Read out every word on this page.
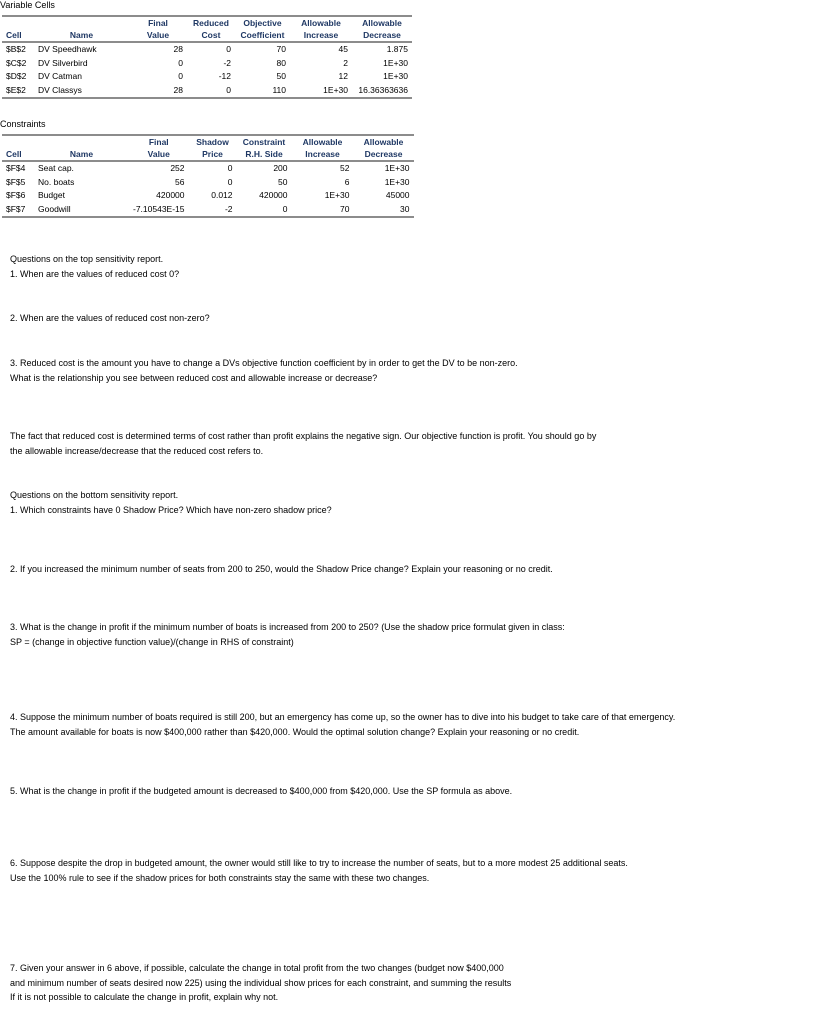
Variable Cells
		Final	Reduced	Objective	Allowable	Allowable
Cell	Name	Value	Cost	Coefficient	Increase	Decrease
$B$2	DV Speedhawk	28	0	70	45	1.875
$C$2	DV Silverbird	0	-2	80	2	1E+30
$D$2	DV Catman	0	-12	50	12	1E+30
$E$2	DV Classys	28	0	110	1E+30	16.36363636
Constraints
		Final	Shadow	Constraint	Allowable	Allowable
Cell	Name	Value	Price	R.H. Side	Increase	Decrease
$F$4	Seat cap.	252	0	200	52	1E+30
$F$5	No. boats	56	0	50	6	1E+30
$F$6	Budget	420000	0.012	420000	1E+30	45000
$F$7	Goodwill	-7.10543E-15	-2	0	70	30
Questions on the top sensitivity report.
1. When are the values of reduced cost 0?
2. When are the values of reduced cost non-zero?
3. Reduced cost is the amount you have to change a DVs objective function coefficient by in order to get the DV to be non-zero.
What is the relationship you see between reduced cost and allowable increase or decrease?
The fact that reduced cost is determined terms of cost rather than profit explains the negative sign. Our objective function is profit. You should go by
the allowable increase/decrease that the reduced cost refers to.
Questions on the bottom sensitivity report.
1. Which constraints have 0 Shadow Price? Which have non-zero shadow price?
2. If you increased the minimum number of seats from 200 to 250, would the Shadow Price change? Explain your reasoning or no credit.
3. What is the change in profit if the minimum number of boats is increased from 200 to 250? (Use the shadow price formulat given in class:
SP = (change in objective function value)/(change in RHS of constraint)
4. Suppose the minimum number of boats required is still 200, but an emergency has come up, so the owner has to dive into his budget to take care of that emergency.
The amount available for boats is now $400,000 rather than $420,000. Would the optimal solution change? Explain your reasoning or no credit.
5. What is the change in profit if the budgeted amount is decreased to $400,000 from $420,000. Use the SP formula as above.
6. Suppose despite the drop in budgeted amount, the owner would still like to try to increase the number of seats, but to a more modest 25 additional seats.
Use the 100% rule to see if the shadow prices for both constraints stay the same with these two changes.
7. Given your answer in 6 above, if possible, calculate the change in total profit from the two changes (budget now $400,000
and minimum number of seats desired now 225) using the individual show prices for each constraint, and summing the results
If it is not possible to calculate the change in profit, explain why not.
